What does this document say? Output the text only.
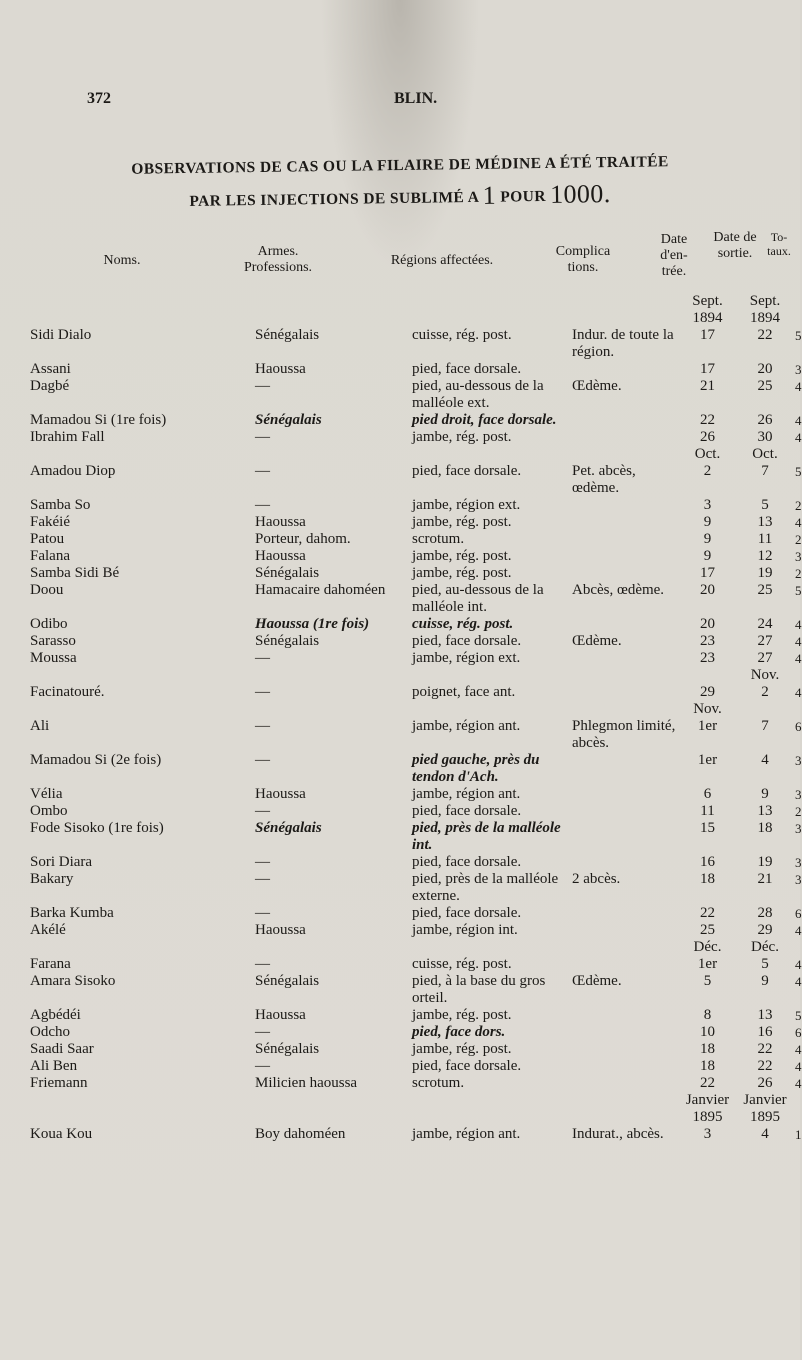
372	BLIN.
OBSERVATIONS DE CAS OU LA FILAIRE DE MÉDINE A ÉTÉ TRAITÉE
PAR LES INJECTIONS DE SUBLIMÉ A 1 POUR 1000.
Noms.
Armes. Professions.	Régions affectées.
Complica tions.
Date d'en- trée.
Date de sortie.
To- taux.
				Sept. 1894	Sept. 1894	
Sidi Dialo	Sénégalais	cuisse, rég. post.	Indur. de toute la région.	17	22	5
Assani	Haoussa	pied, face dorsale.		17	20	3
Dagbé	—	pied, au-dessous de la malléole ext.	Œdème.	21	25	4
Mamadou Si (1re fois)	Sénégalais	pied droit, face dorsale.		22	26	4
Ibrahim Fall	—	jambe, rég. post.		26	30	4
				Oct.	Oct.	
Amadou Diop	—	pied, face dorsale.	Pet. abcès, œdème.	2	7	5
Samba So	—	jambe, région ext.		3	5	2
Fakéié	Haoussa	jambe, rég. post.		9	13	4
Patou	Porteur, dahom.	scrotum.		9	11	2
Falana	Haoussa	jambe, rég. post.		9	12	3
Samba Sidi Bé	Sénégalais	jambe, rég. post.		17	19	2
Doou	Hamacaire dahoméen	pied, au-dessous de la malléole int.	Abcès, œdème.	20	25	5
Odibo	Haoussa (1re fois)	cuisse, rég. post.		20	24	4
Sarasso	Sénégalais	pied, face dorsale.	Œdème.	23	27	4
Moussa	—	jambe, région ext.		23	27	4
					Nov.	
Facinatouré.	—	poignet, face ant.		29	2	4
				Nov.		
Ali	—	jambe, région ant.	Phlegmon limité, abcès.	1er	7	6
Mamadou Si (2e fois)	—	pied gauche, près du tendon d'Ach.		1er	4	3
Vélia	Haoussa	jambe, région ant.		6	9	3
Ombo	—	pied, face dorsale.		11	13	2
Fode Sisoko (1re fois)	Sénégalais	pied, près de la malléole int.		15	18	3
Sori Diara	—	pied, face dorsale.		16	19	3
Bakary	—	pied, près de la malléole externe.	2 abcès.	18	21	3
Barka Kumba	—	pied, face dorsale.		22	28	6
Akélé	Haoussa	jambe, région int.		25	29	4
				Déc.	Déc.	
Farana	—	cuisse, rég. post.		1er	5	4
Amara Sisoko	Sénégalais	pied, à la base du gros orteil.	Œdème.	5	9	4
Agbédéi	Haoussa	jambe, rég. post.		8	13	5
Odcho	—	pied, face dors.		10	16	6
Saadi Saar	Sénégalais	jambe, rég. post.		18	22	4
Ali Ben	—	pied, face dorsale.		18	22	4
Friemann	Milicien haoussa	scrotum.		22	26	4
				Janvier 1895	Janvier 1895	
Koua Kou	Boy dahoméen	jambe, région ant.	Indurat., abcès.	3	4	1
